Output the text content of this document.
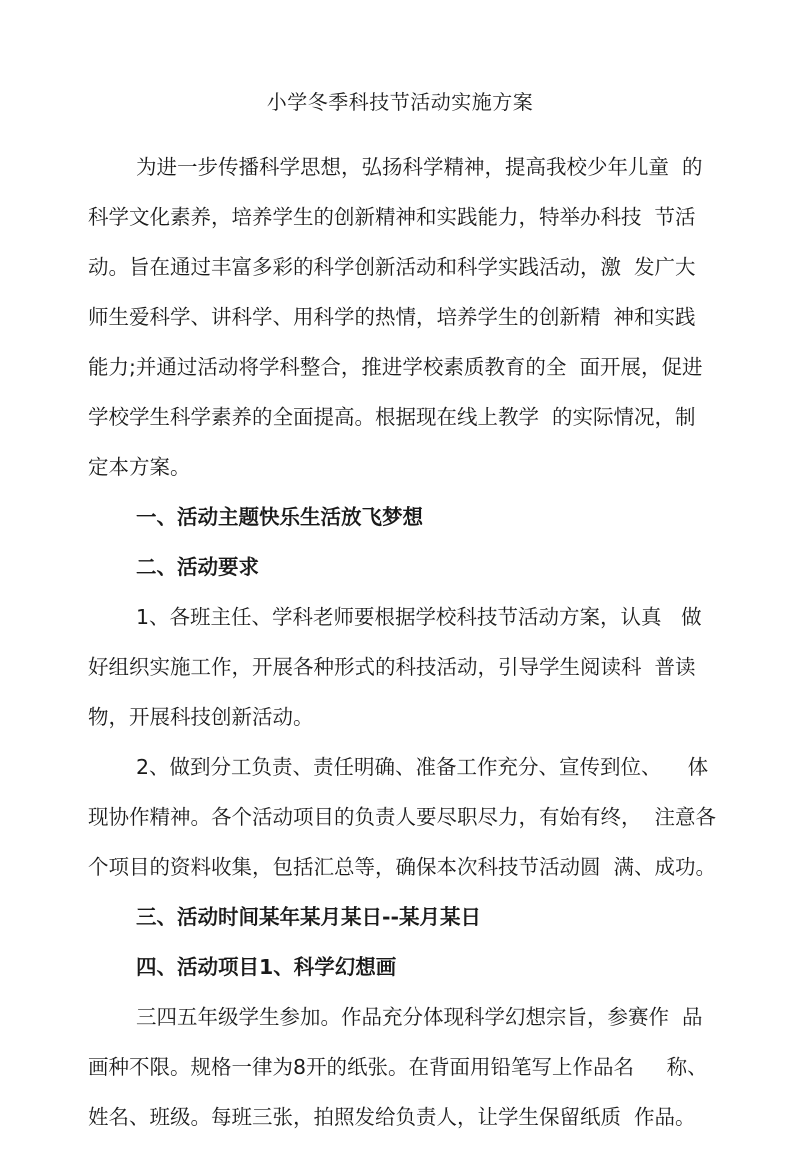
小学冬季科技节活动实施方案
为进一步传播科学思想，弘扬科学精神，提高我校少年儿童  的
科学文化素养，培养学生的创新精神和实践能力，特举办科技  节活
动。旨在通过丰富多彩的科学创新活动和科学实践活动，激  发广大
师生爱科学、讲科学、用科学的热情，培养学生的创新精  神和实践
能力;并通过活动将学科整合，推进学校素质教育的全  面开展，促进
学校学生科学素养的全面提高。根据现在线上教学  的实际情况，制
定本方案。
一、活动主题快乐生活放飞梦想
二、活动要求
1、各班主任、学科老师要根据学校科技节活动方案，认真   做
好组织实施工作，开展各种形式的科技活动，引导学生阅读科  普读
物，开展科技创新活动。
2、做到分工负责、责任明确、准备工作充分、宣传到位、    体
现协作精神。各个活动项目的负责人要尽职尽力，有始有终，  注意各
个项目的资料收集，包括汇总等，确保本次科技节活动圆  满、成功。
三、活动时间某年某月某日--某月某日
四、活动项目1、科学幻想画
三四五年级学生参加。作品充分体现科学幻想宗旨，参赛作  品
画种不限。规格一律为8开的纸张。在背面用铅笔写上作品名     称、
姓名、班级。每班三张，拍照发给负责人，让学生保留纸质  作品。
